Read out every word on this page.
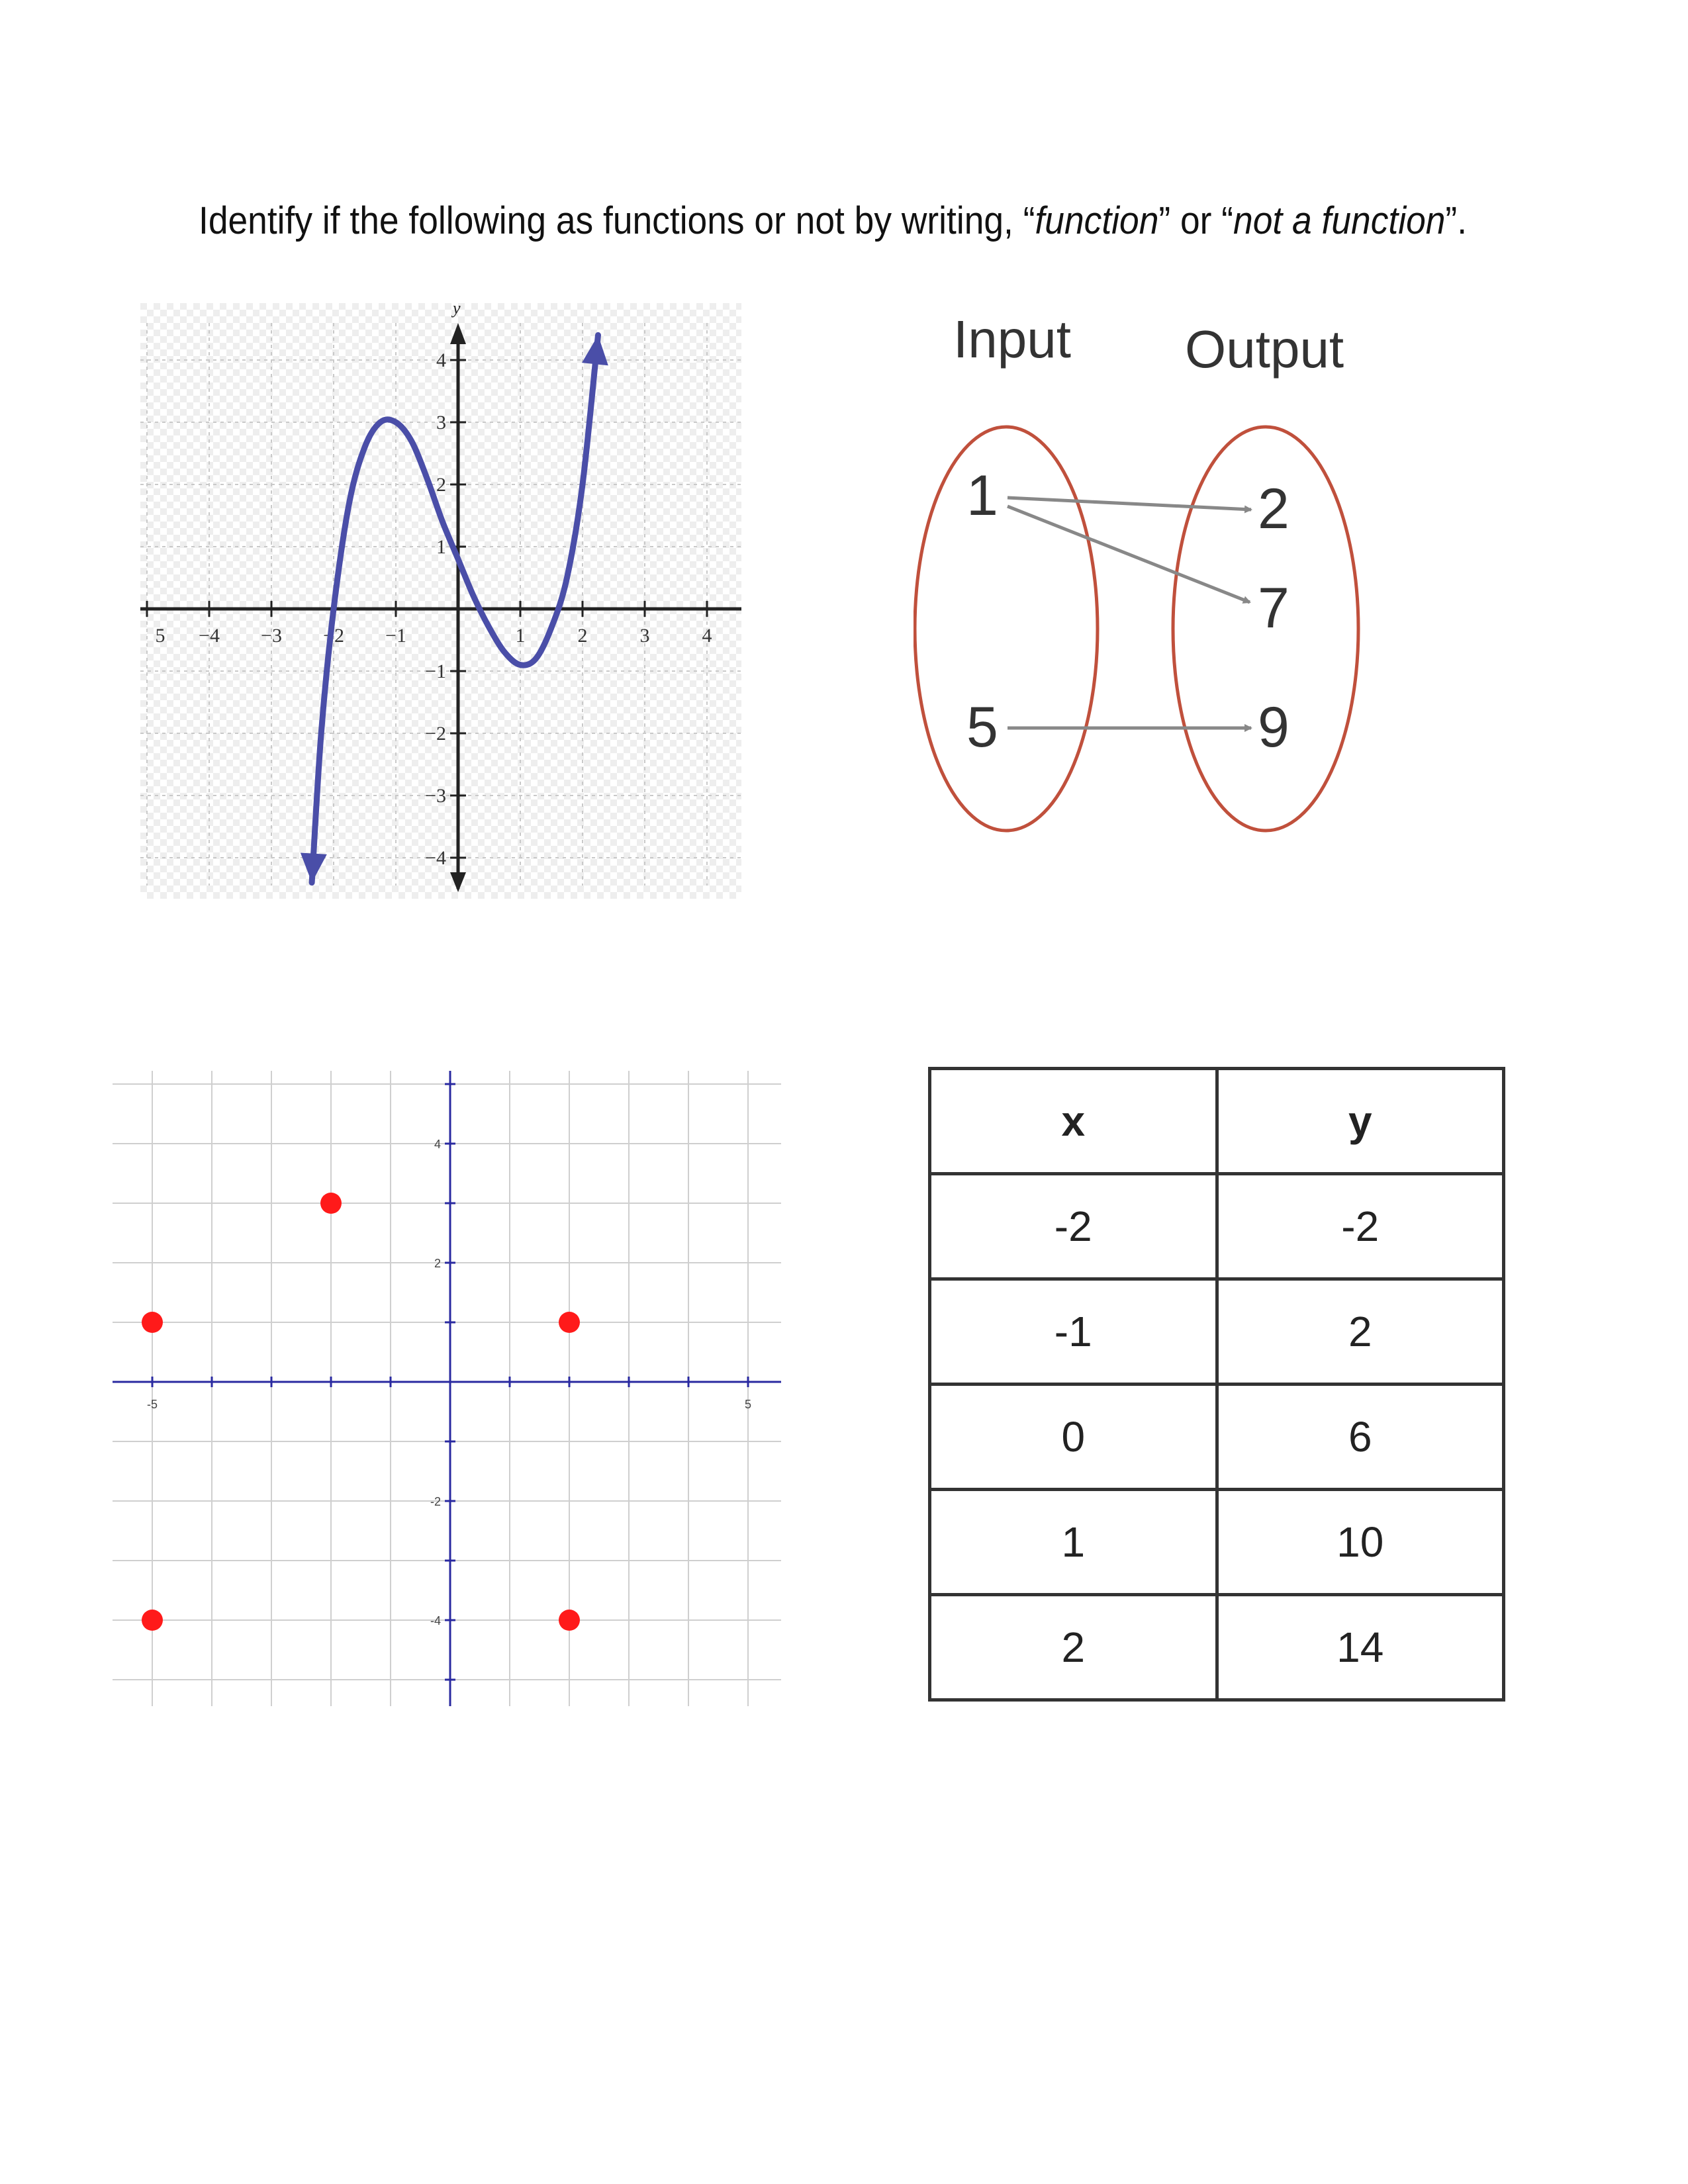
Identify if the following as functions or not by writing, “function” or “not a function”.
5 −4 −3 −2 −1	1	2	3	4
4
3
2
1
−1
−2
−3
−4
y
Input Output
1
5
2
7
9
-5	5
4
2
-2
-4
x	y
-2	-2
-1	2
0	6
1	10
2	14
